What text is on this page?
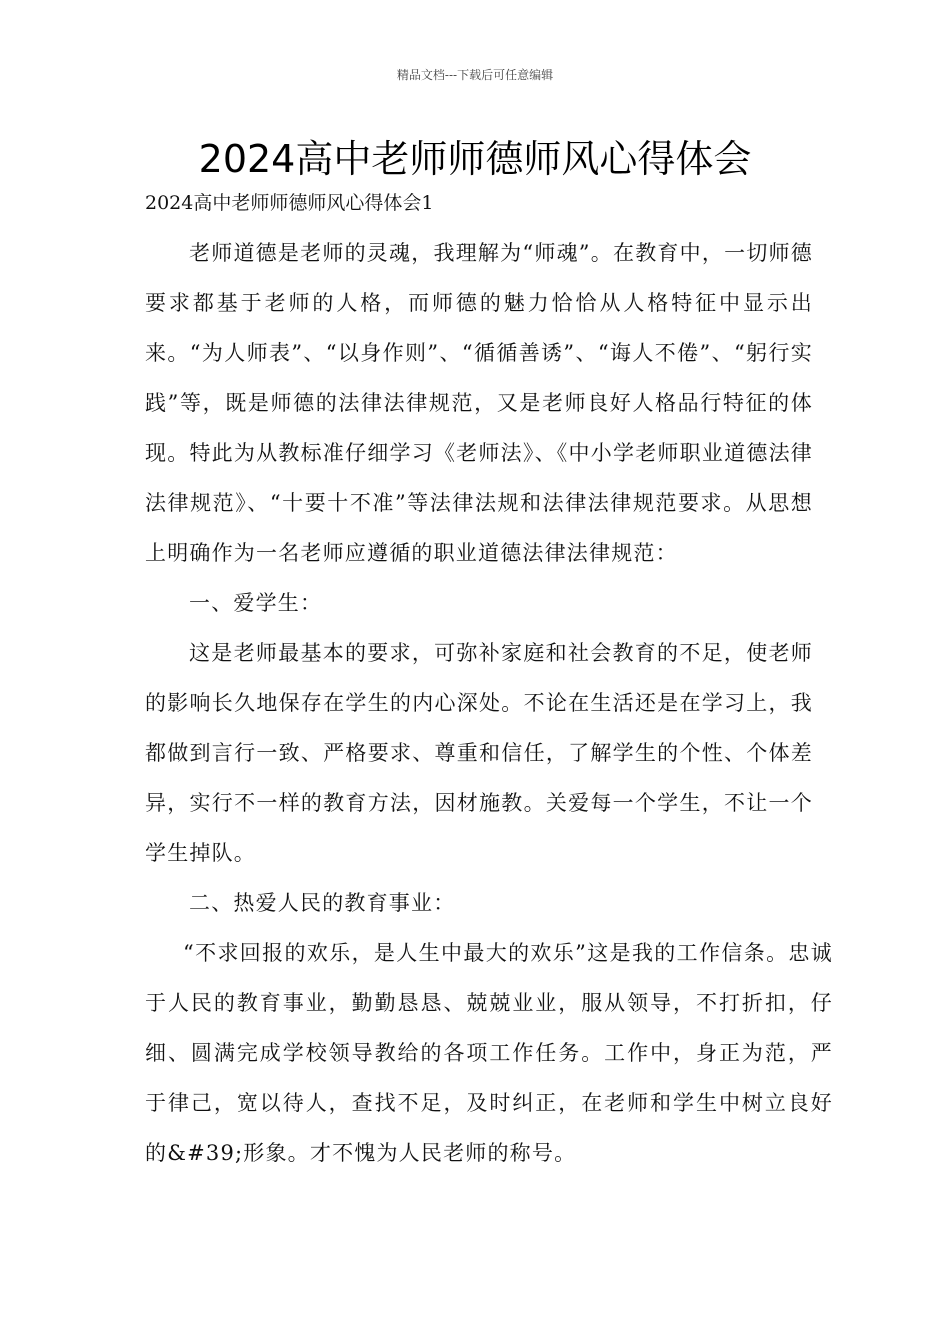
精品文档---下载后可任意编辑
2024高中老师师德师风心得体会
2024高中老师师德师风心得体会1

老师道德是老师的灵魂，我理解为“师魂”。在教育中，一切师德要求都基于老师的人格，而师德的魅力恰恰从人格特征中显示出来。“为人师表”、“以身作则”、“循循善诱”、“诲人不倦”、“躬行实践”等，既是师德的法律法律规范，又是老师良好人格品行特征的体现。特此为从教标准仔细学习《老师法》、《中小学老师职业道德法律法律规范》、“十要十不准”等法律法规和法律法律规范要求。从思想上明确作为一名老师应遵循的职业道德法律法律规范：

一、爱学生：

这是老师最基本的要求，可弥补家庭和社会教育的不足，使老师的影响长久地保存在学生的内心深处。不论在生活还是在学习上，我都做到言行一致、严格要求、尊重和信任，了解学生的个性、个体差异，实行不一样的教育方法，因材施教。关爱每一个学生，不让一个学生掉队。

二、热爱人民的教育事业：

“不求回报的欢乐，是人生中最大的欢乐”这是我的工作信条。忠诚于人民的教育事业，勤勤恳恳、兢兢业业，服从领导，不打折扣，仔细、圆满完成学校领导教给的各项工作任务。工作中，身正为范，严于律己，宽以待人，查找不足，及时纠正，在老师和学生中树立良好的&#39;形象。才不愧为人民老师的称号。
